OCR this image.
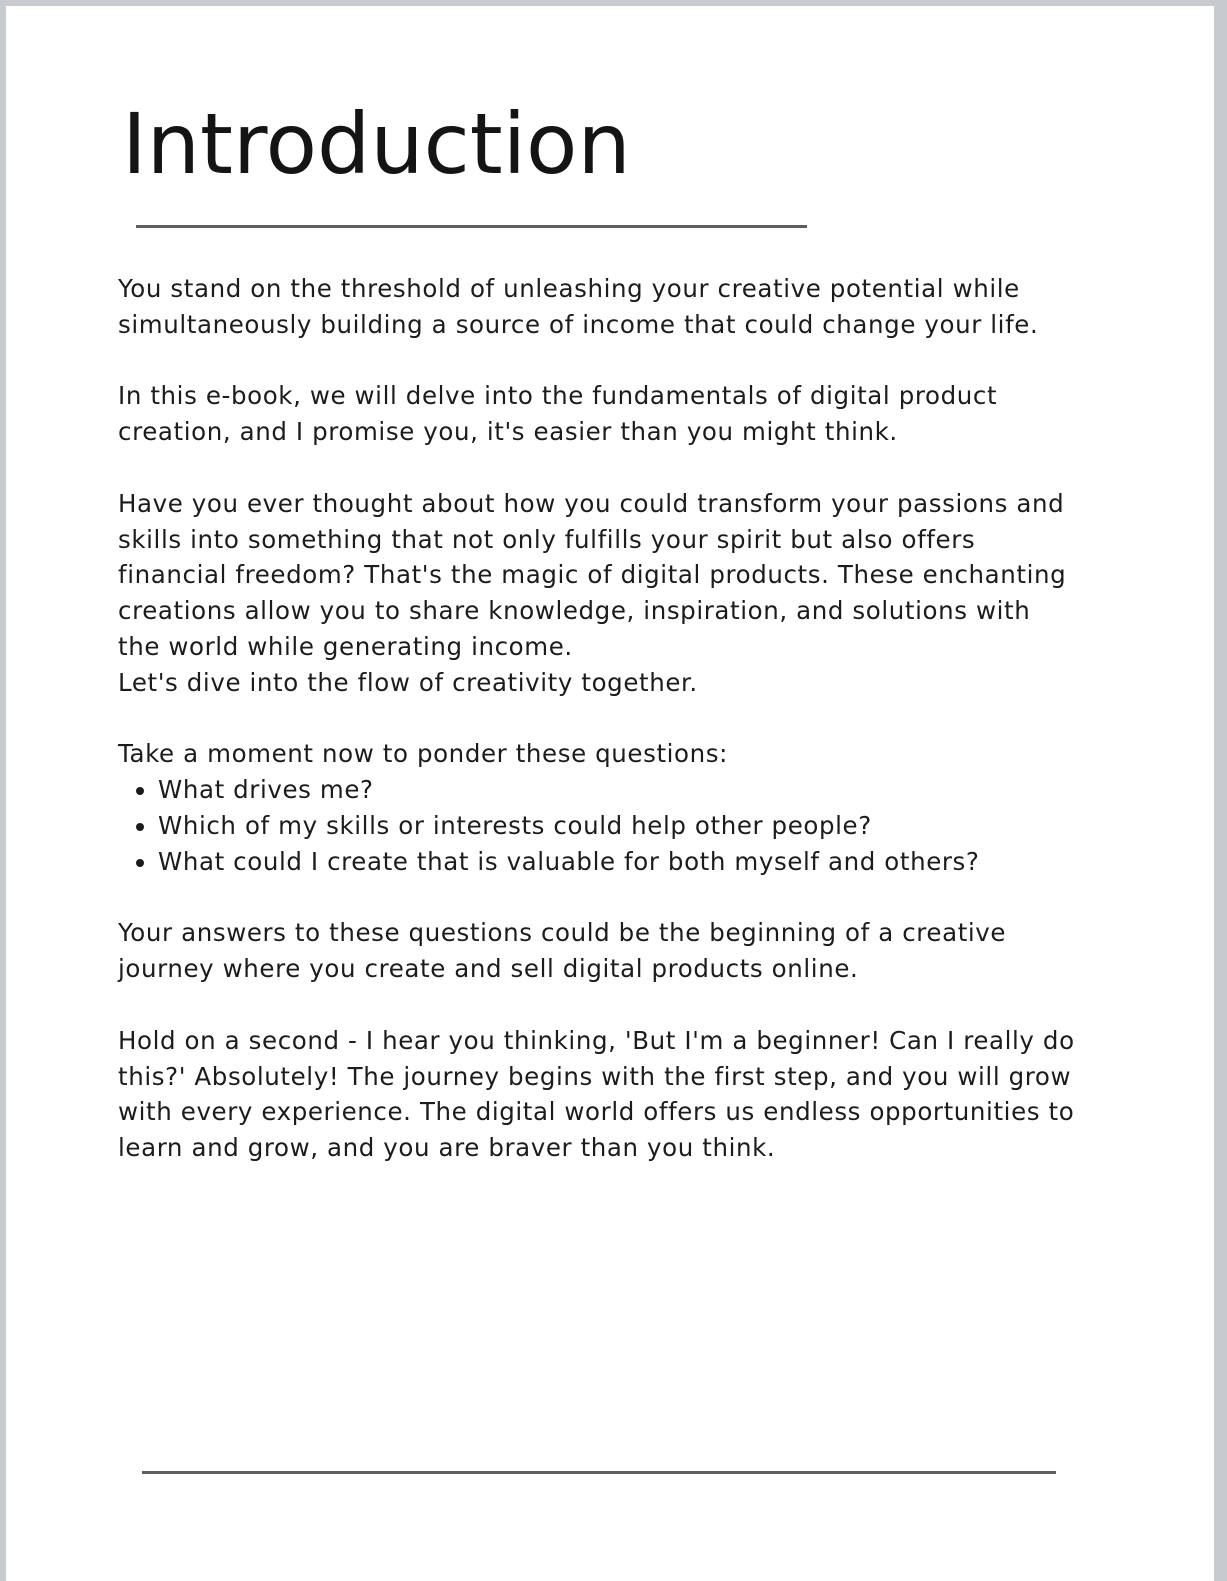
Introduction

You stand on the threshold of unleashing your creative potential while simultaneously building a source of income that could change your life.

In this e-book, we will delve into the fundamentals of digital product creation, and I promise you, it's easier than you might think.

Have you ever thought about how you could transform your passions and skills into something that not only fulfills your spirit but also offers financial freedom? That's the magic of digital products. These enchanting creations allow you to share knowledge, inspiration, and solutions with the world while generating income.

Let's dive into the flow of creativity together.

Take a moment now to ponder these questions:

• What drives me?
• Which of my skills or interests could help other people?
• What could I create that is valuable for both myself and others?

Your answers to these questions could be the beginning of a creative journey where you create and sell digital products online.

Hold on a second - I hear you thinking, 'But I'm a beginner! Can I really do this?' Absolutely! The journey begins with the first step, and you will grow with every experience. The digital world offers us endless opportunities to learn and grow, and you are braver than you think.
